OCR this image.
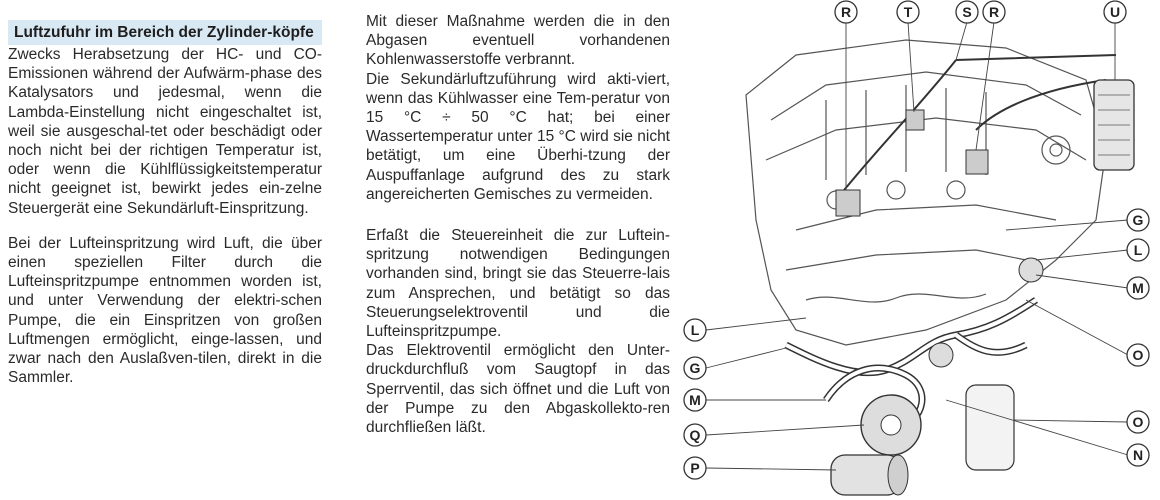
Luftzufuhr im Bereich der Zylinder-köpfe

Zwecks Herabsetzung der HC- und CO-Emissionen während der Aufwärm-phase des Katalysators und jedesmal, wenn die Lambda-Einstellung nicht eingeschaltet ist, weil sie ausgeschal-tet oder beschädigt oder noch nicht bei der richtigen Temperatur ist, oder wenn die Kühlflüssigkeitstemperatur nicht geeignet ist, bewirkt jedes ein-zelne Steuergerät eine Sekundärluft-Einspritzung.

Bei der Lufteinspritzung wird Luft, die über einen speziellen Filter durch die Lufteinspritzpumpe entnommen worden ist, und unter Verwendung der elektri-schen Pumpe, die ein Einspritzen von großen Luftmengen ermöglicht, einge-lassen, und zwar nach den Auslaßven-tilen, direkt in die Sammler.

Mit dieser Maßnahme werden die in den Abgasen eventuell vorhandenen Kohlenwasserstoffe verbrannt.

Die Sekundärluftzuführung wird akti-viert, wenn das Kühlwasser eine Tem-peratur von 15 °C ÷ 50 °C hat; bei einer Wassertemperatur unter 15 °C wird sie nicht betätigt, um eine Überhi-tzung der Auspuffanlage aufgrund des zu stark angereicherten Gemisches zu vermeiden.

Erfaßt die Steuereinheit die zur Luftein-spritzung notwendigen Bedingungen vorhanden sind, bringt sie das Steuerre-lais zum Ansprechen, und betätigt so das Steuerungselektroventil und die Lufteinspritzpumpe.

Das Elektroventil ermöglicht den Unter-druckdurchfluß vom Saugtopf in das Sperrventil, das sich öffnet und die Luft von der Pumpe zu den Abgaskollekto-ren durchfließen läßt.

R	T	S R	U
G
L
M
O
O
N
L
G
M
Q
P
